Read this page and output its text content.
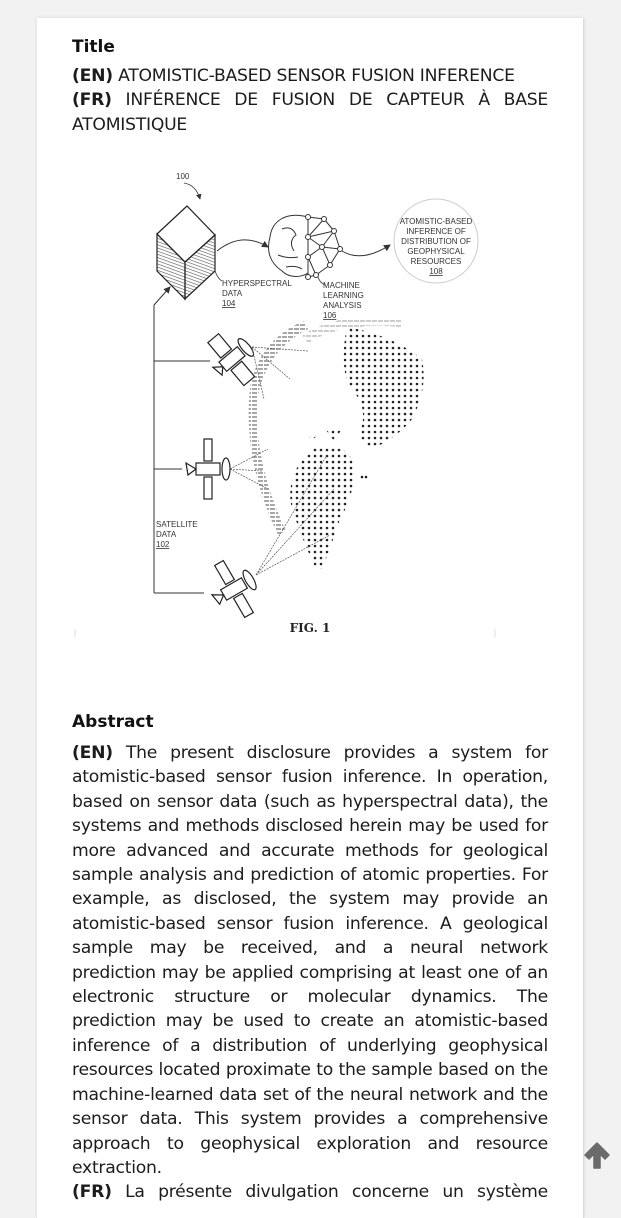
Title

(EN) ATOMISTIC-BASED SENSOR FUSION INFERENCE

(FR) INFÉRENCE DE FUSION DE CAPTEUR À BASE ATOMISTIQUE

100
HYPERSPECTRAL
DATA
104
MACHINE
LEARNING
ANALYSIS
106
ATOMISTIC-BASED
INFERENCE OF
DISTRIBUTION OF
GEOPHYSICAL
RESOURCES
108
SATELLITE
DATA
102
FIG. 1
Abstract

(EN) The present disclosure provides a system for atomistic-based sensor fusion inference. In operation, based on sensor data (such as hyperspectral data), the systems and methods disclosed herein may be used for more advanced and accurate methods for geological sample analysis and prediction of atomic properties. For example, as disclosed, the system may provide an atomistic-based sensor fusion inference. A geological sample may be received, and a neural network prediction may be applied comprising at least one of an electronic structure or molecular dynamics. The prediction may be used to create an atomistic-based inference of a distribution of underlying geophysical resources located proximate to the sample based on the machine-learned data set of the neural network and the sensor data. This system provides a comprehensive approach to geophysical exploration and resource extraction.

(FR) La présente divulgation concerne un système
